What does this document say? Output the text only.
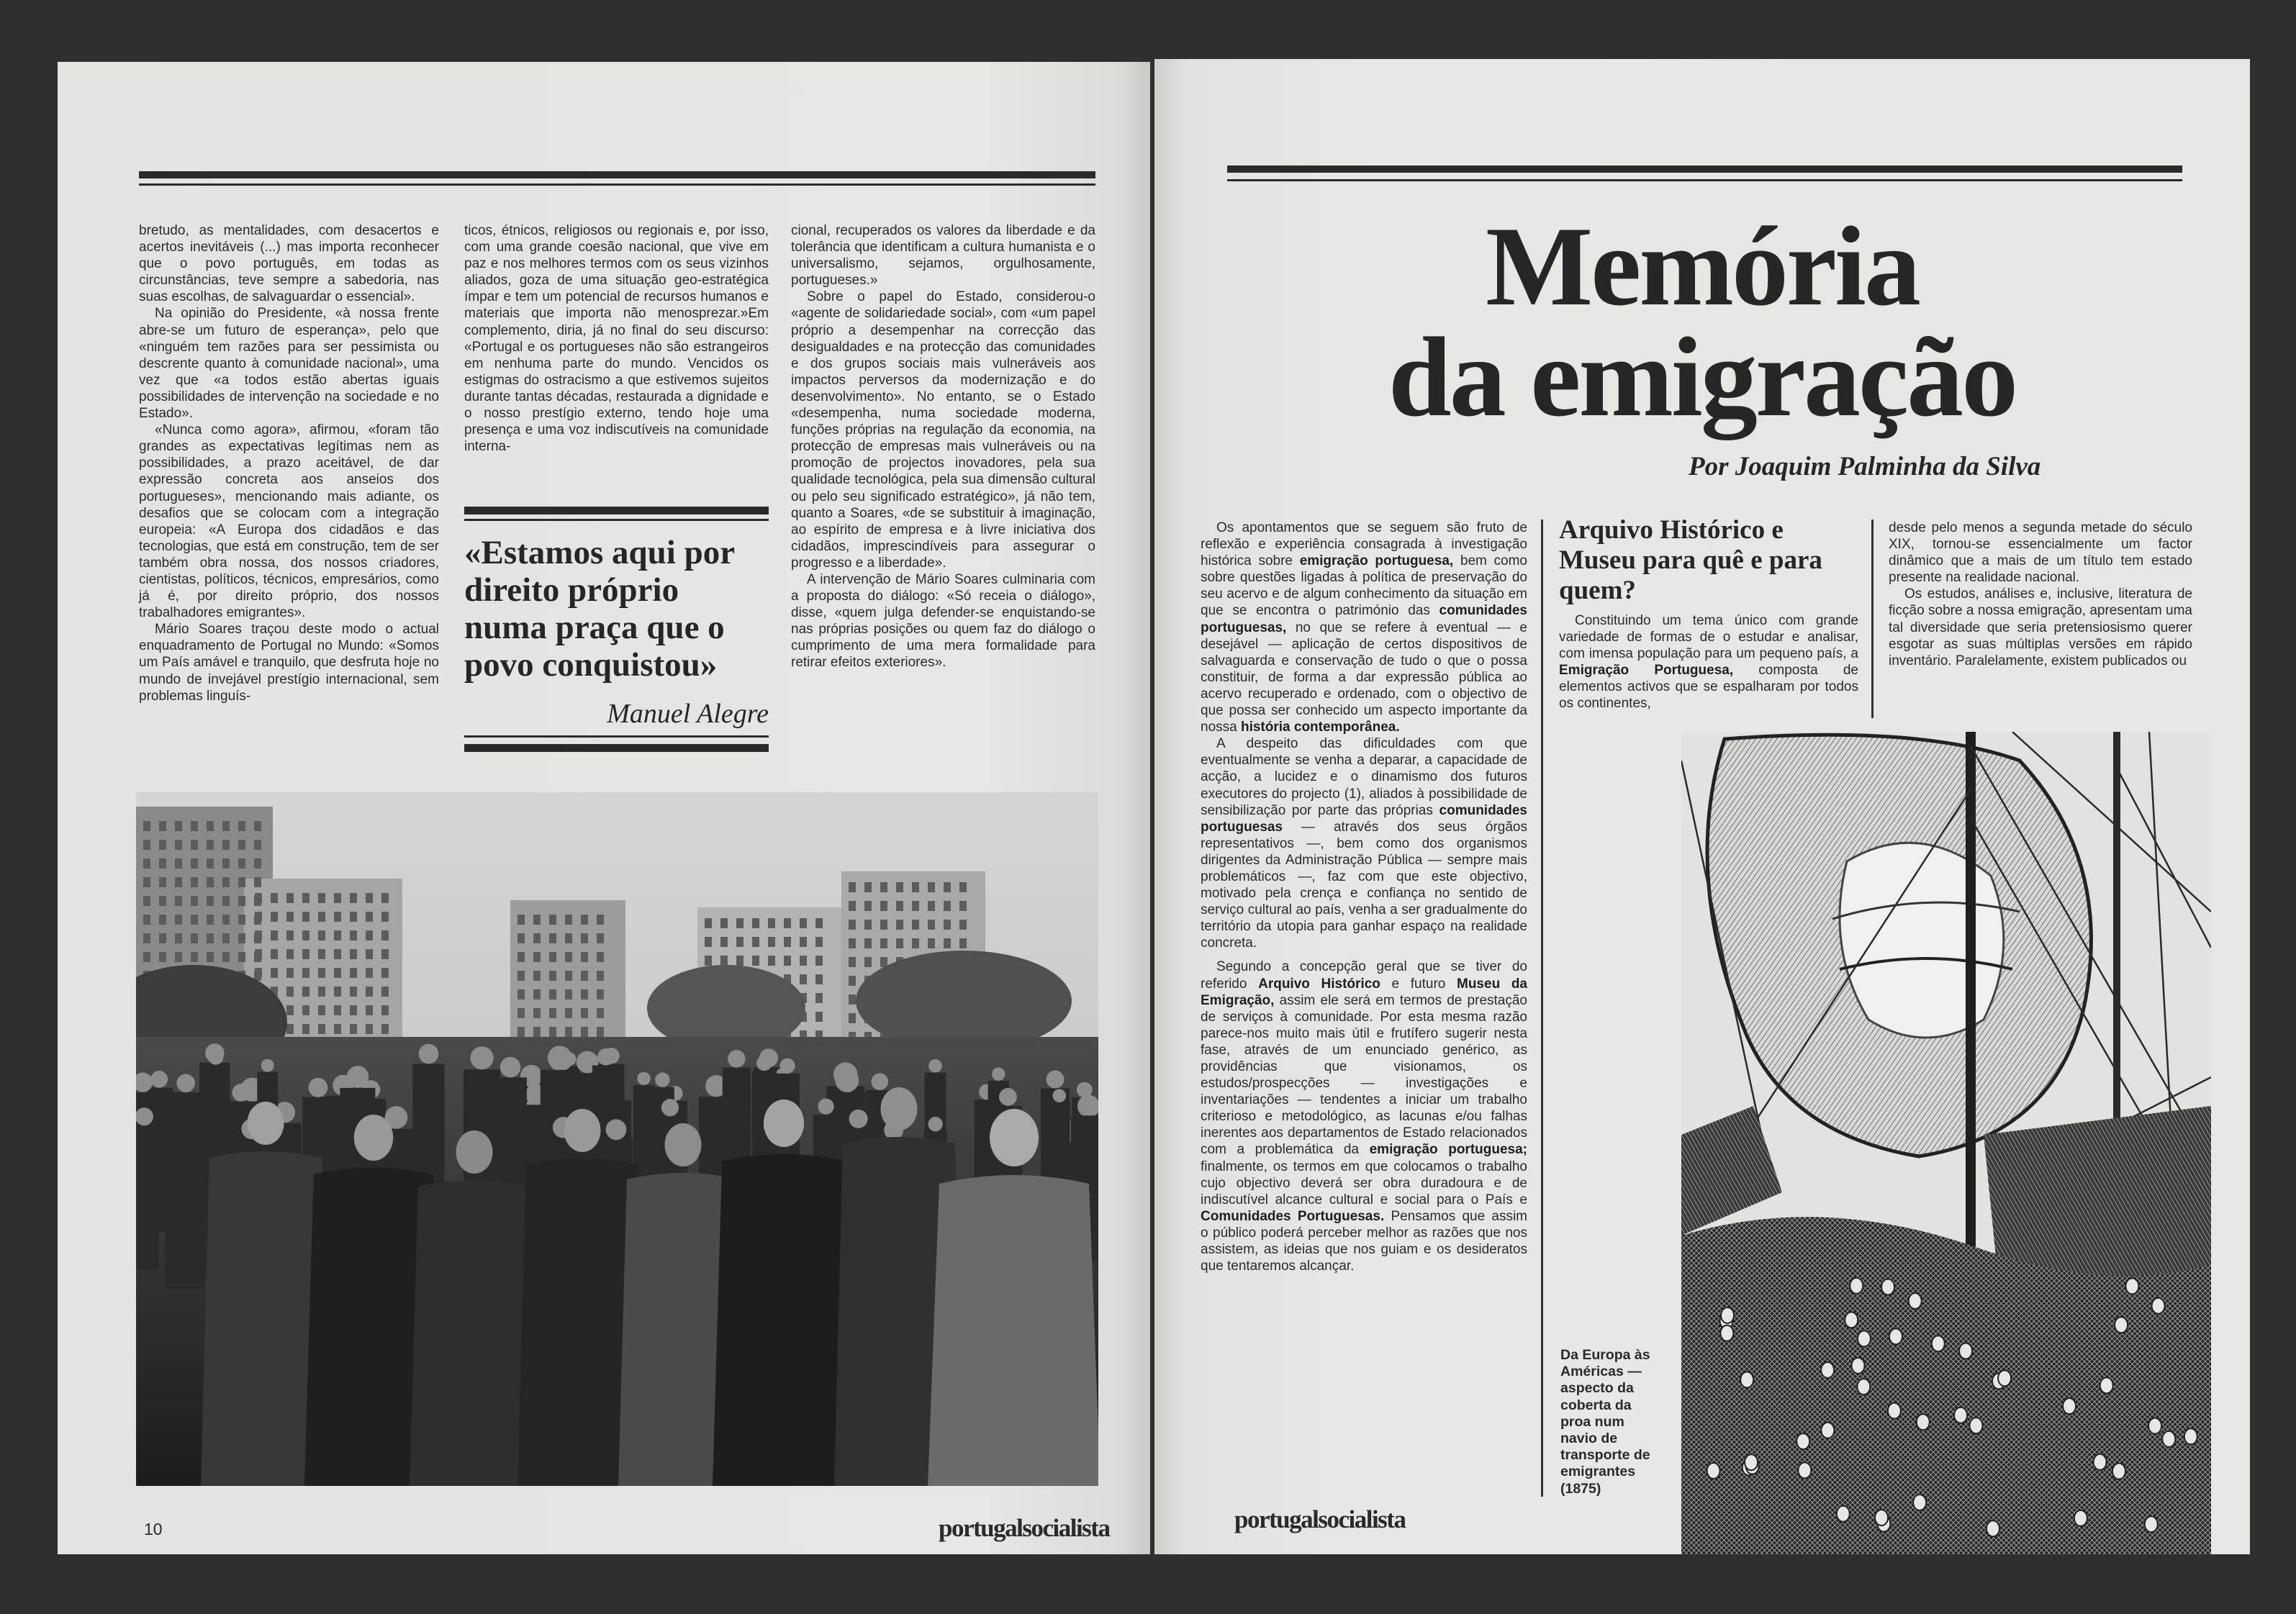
bretudo, as mentalidades, com desacertos e acertos inevitáveis (...) mas importa reconhecer que o povo português, em todas as circunstâncias, teve sempre a sabedoria, nas suas escolhas, de salvaguardar o essencial».

Na opinião do Presidente, «à nossa frente abre-se um futuro de esperança», pelo que «ninguém tem razões para ser pessimista ou descrente quanto à comunidade nacional», uma vez que «a todos estão abertas iguais possibilidades de intervenção na sociedade e no Estado».

«Nunca como agora», afirmou, «foram tão grandes as expectativas legítimas nem as possibilidades, a prazo aceitável, de dar expressão concreta aos anseios dos portugueses», mencionando mais adiante, os desafios que se colocam com a integração europeia: «A Europa dos cidadãos e das tecnologias, que está em construção, tem de ser também obra nossa, dos nossos criadores, cientistas, políticos, técnicos, empresários, como já é, por direito próprio, dos nossos trabalhadores emigrantes».

Mário Soares traçou deste modo o actual enquadramento de Portugal no Mundo: «Somos um País amável e tranquilo, que desfruta hoje no mundo de invejável prestígio internacional, sem problemas linguís-

ticos, étnicos, religiosos ou regionais e, por isso, com uma grande coesão nacional, que vive em paz e nos melhores termos com os seus vizinhos aliados, goza de uma situação geo-estratégica ímpar e tem um potencial de recursos humanos e materiais que importa não menosprezar.»Em complemento, diria, já no final do seu discurso: «Portugal e os portugueses não são estrangeiros em nenhuma parte do mundo. Vencidos os estigmas do ostracismo a que estivemos sujeitos durante tantas décadas, restaurada a dignidade e o nosso prestígio externo, tendo hoje uma presença e uma voz indiscutíveis na comunidade interna-

cional, recuperados os valores da liberdade e da tolerância que identificam a cultura humanista e o universalismo, sejamos, orgulhosamente, portugueses.»

Sobre o papel do Estado, considerou-o «agente de solidariedade social», com «um papel próprio a desempenhar na correcção das desigualdades e na protecção das comunidades e dos grupos sociais mais vulneráveis aos impactos perversos da modernização e do desenvolvimento». No entanto, se o Estado «desempenha, numa sociedade moderna, funções próprias na regulação da economia, na protecção de empresas mais vulneráveis ou na promoção de projectos inovadores, pela sua qualidade tecnológica, pela sua dimensão cultural ou pelo seu significado estratégico», já não tem, quanto a Soares, «de se substituir à imaginação, ao espírito de empresa e à livre iniciativa dos cidadãos, imprescindíveis para assegurar o progresso e a liberdade».

A intervenção de Mário Soares culminaria com a proposta do diálogo: «Só receia o diálogo», disse, «quem julga defender-se enquistando-se nas próprias posições ou quem faz do diálogo o cumprimento de uma mera formalidade para retirar efeitos exteriores».

«Estamos aqui por direito próprio numa praça que o povo conquistou»
Manuel Alegre
10	portugalsocialista
Memória
da emigração
Por Joaquim Palminha da Silva

Os apontamentos que se seguem são fruto de reflexão e experiência consagrada à investigação histórica sobre emigração portuguesa, bem como sobre questões ligadas à política de preservação do seu acervo e de algum conhecimento da situação em que se encontra o património das comunidades portuguesas, no que se refere à eventual — e desejável — aplicação de certos dispositivos de salvaguarda e conservação de tudo o que o possa constituir, de forma a dar expressão pública ao acervo recuperado e ordenado, com o objectivo de que possa ser conhecido um aspecto importante da nossa história contemporânea.

A despeito das dificuldades com que eventualmente se venha a deparar, a capacidade de acção, a lucidez e o dinamismo dos futuros executores do projecto (1), aliados à possibilidade de sensibilização por parte das próprias comunidades portuguesas — através dos seus órgãos representativos —, bem como dos organismos dirigentes da Administração Pública — sempre mais problemáticos —, faz com que este objectivo, motivado pela crença e confiança no sentido de serviço cultural ao país, venha a ser gradualmente do território da utopia para ganhar espaço na realidade concreta.

Segundo a concepção geral que se tiver do referido Arquivo Histórico e futuro Museu da Emigração, assim ele será em termos de prestação de serviços à comunidade. Por esta mesma razão parece-nos muito mais útil e frutífero sugerir nesta fase, através de um enunciado genérico, as providências que visionamos, os estudos/prospecções — investigações e inventariações — tendentes a iniciar um trabalho criterioso e metodológico, as lacunas e/ou falhas inerentes aos departamentos de Estado relacionados com a problemática da emigração portuguesa; finalmente, os termos em que colocamos o trabalho cujo objectivo deverá ser obra duradoura e de indiscutível alcance cultural e social para o País e Comunidades Portuguesas. Pensamos que assim o público poderá perceber melhor as razões que nos assistem, as ideias que nos guiam e os desideratos que tentaremos alcançar.

Arquivo Histórico e Museu para quê e para quem?

Constituindo um tema único com grande variedade de formas de o estudar e analisar, com imensa população para um pequeno país, a Emigração Portuguesa, composta de elementos activos que se espalharam por todos os continentes,

desde pelo menos a segunda metade do século XIX, tornou-se essencialmente um factor dinâmico que a mais de um título tem estado presente na realidade nacional.

Os estudos, análises e, inclusive, literatura de ficção sobre a nossa emigração, apresentam uma tal diversidade que seria pretensiosismo querer esgotar as suas múltiplas versões em rápido inventário. Paralelamente, existem publicados ou

Da Europa às Américas — aspecto da coberta da proa num navio de transporte de emigrantes (1875)
portugalsocialista
